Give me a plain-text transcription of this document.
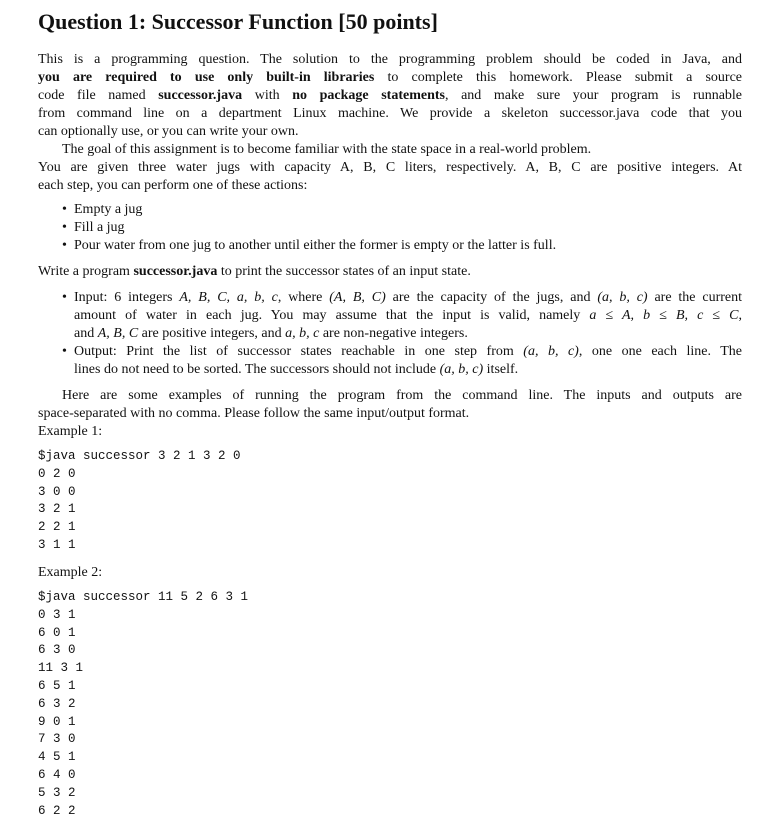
Question 1: Successor Function [50 points]
This is a programming question. The solution to the programming problem should be coded in Java, and
you are required to use only built-in libraries to complete this homework. Please submit a source
code file named successor.java with no package statements, and make sure your program is runnable
from command line on a department Linux machine. We provide a skeleton successor.java code that you
can optionally use, or you can write your own.
The goal of this assignment is to become familiar with the state space in a real-world problem.
You are given three water jugs with capacity A, B, C liters, respectively. A, B, C are positive integers. At
each step, you can perform one of these actions:
• Empty a jug
• Fill a jug
• Pour water from one jug to another until either the former is empty or the latter is full.
Write a program successor.java to print the successor states of an input state.
• Input: 6 integers A, B, C, a, b, c, where (A, B, C) are the capacity of the jugs, and (a, b, c) are the current
amount of water in each jug. You may assume that the input is valid, namely a ≤ A, b ≤ B, c ≤ C,
and A, B, C are positive integers, and a, b, c are non-negative integers.
• Output: Print the list of successor states reachable in one step from (a, b, c), one one each line. The
lines do not need to be sorted. The successors should not include (a, b, c) itself.
Here are some examples of running the program from the command line. The inputs and outputs are
space-separated with no comma. Please follow the same input/output format.
Example 1:
$java successor 3 2 1 3 2 0
0 2 0
3 0 0
3 2 1
2 2 1
3 1 1
Example 2:
$java successor 11 5 2 6 3 1
0 3 1
6 0 1
6 3 0
11 3 1
6 5 1
6 3 2
9 0 1
7 3 0
4 5 1
6 4 0
5 3 2
6 2 2
